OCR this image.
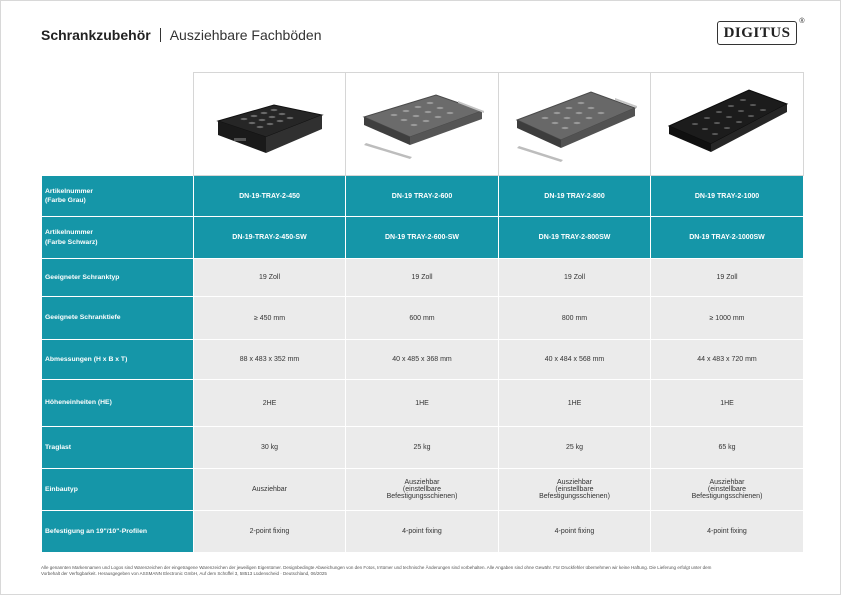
Schrankzubehör Ausziehbare Fachböden	DIGITUS
®

Artikelnummer
(Farbe Grau)	DN-19-TRAY-2-450	DN-19 TRAY-2-600	DN-19 TRAY-2-800	DN-19 TRAY-2-1000
Artikelnummer
(Farbe Schwarz)	DN-19-TRAY-2-450-SW	DN-19 TRAY-2-600-SW	DN-19 TRAY-2-800SW	DN-19 TRAY-2-1000SW
Geeigneter Schranktyp	19 Zoll	19 Zoll	19 Zoll	19 Zoll
Geeignete Schranktiefe	≥ 450 mm	600 mm	800 mm	≥ 1000 mm
Abmessungen (H x B x T)	88 x 483 x 352 mm	40 x 485 x 368 mm	40 x 484 x 568 mm	44 x 483 x 720 mm
Höheneinheiten (HE)	2HE	1HE	1HE	1HE
Traglast	30 kg	25 kg	25 kg	65 kg
Einbautyp	Ausziehbar	Ausziehbar
(einstellbare
Befestigungsschienen)	Ausziehbar
(einstellbare
Befestigungsschienen)	Ausziehbar
(einstellbare
Befestigungsschienen)
Befestigung an 19"/10"-Profilen	2-point fixing	4-point fixing	4-point fixing	4-point fixing
Alle genannten Markennamen und Logos sind Warenzeichen der eingetragene Warenzeichen der jeweiligen Eigentümer. Designbedingte Abweichungen von den Fotos, Irrtümer und technische Änderungen sind vorbehalten. Alle Angaben sind ohne Gewähr. Für Druckfehler übernehmen wir keine Haftung. Die Lieferung erfolgt unter dem
Vorbehalt der Verfügbarkeit. Herausgegeben von ASSMANN Electronic GmbH, Auf dem Schüffel 3, 58513 Lüdenscheid · Deutschland, 06/2025
